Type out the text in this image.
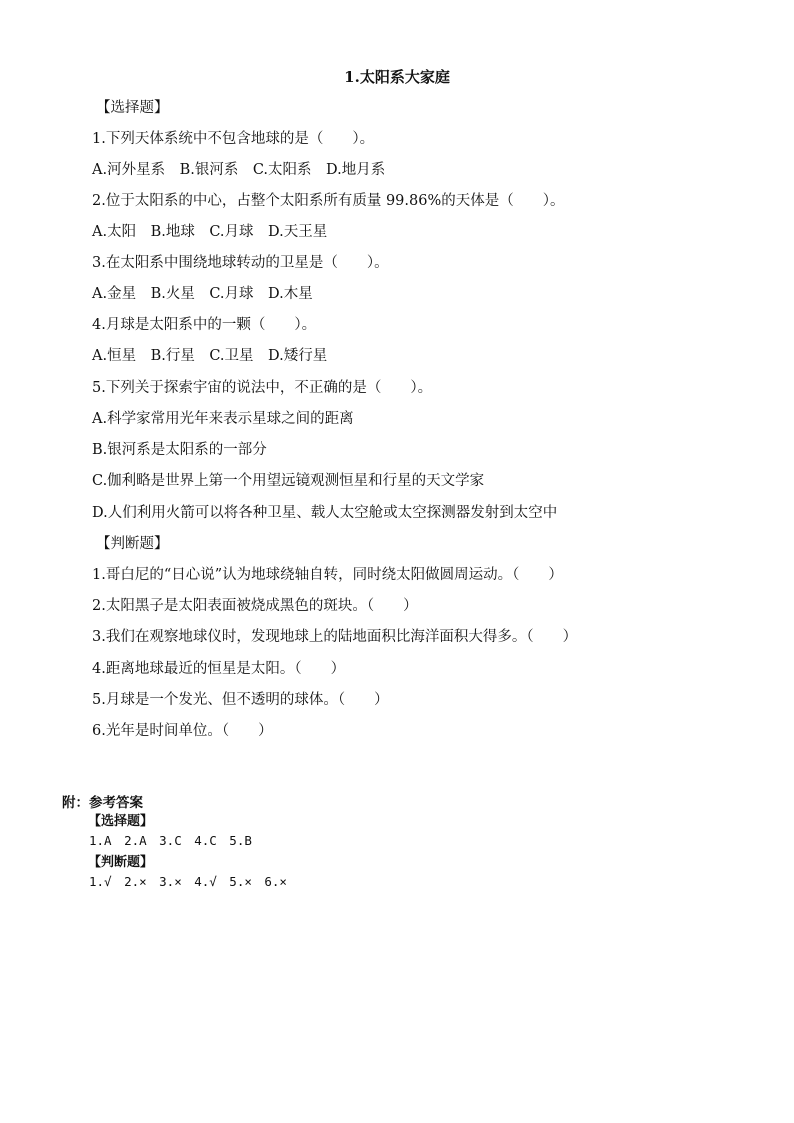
1.太阳系大家庭
【选择题】
1.下列天体系统中不包含地球的是（　　）。
A.河外星系　B.银河系　C.太阳系　D.地月系
2.位于太阳系的中心，占整个太阳系所有质量 99.86%的天体是（　　）。
A.太阳　B.地球　C.月球　D.天王星
3.在太阳系中围绕地球转动的卫星是（　　）。
A.金星　B.火星　C.月球　D.木星
4.月球是太阳系中的一颗（　　）。
A.恒星　B.行星　C.卫星　D.矮行星
5.下列关于探索宇宙的说法中，不正确的是（　　）。
A.科学家常用光年来表示星球之间的距离
B.银河系是太阳系的一部分
C.伽利略是世界上第一个用望远镜观测恒星和行星的天文学家
D.人们利用火箭可以将各种卫星、载人太空舱或太空探测器发射到太空中
【判断题】
1.哥白尼的“日心说”认为地球绕轴自转，同时绕太阳做圆周运动。（　　）
2.太阳黑子是太阳表面被烧成黑色的斑块。（　　）
3.我们在观察地球仪时，发现地球上的陆地面积比海洋面积大得多。（　　）
4.距离地球最近的恒星是太阳。（　　）
5.月球是一个发光、但不透明的球体。（　　）
6.光年是时间单位。（　　）
附：参考答案
【选择题】
1.A　2.A　3.C　4.C　5.B
【判断题】
1.√　2.×　3.×　4.√　5.×　6.×
